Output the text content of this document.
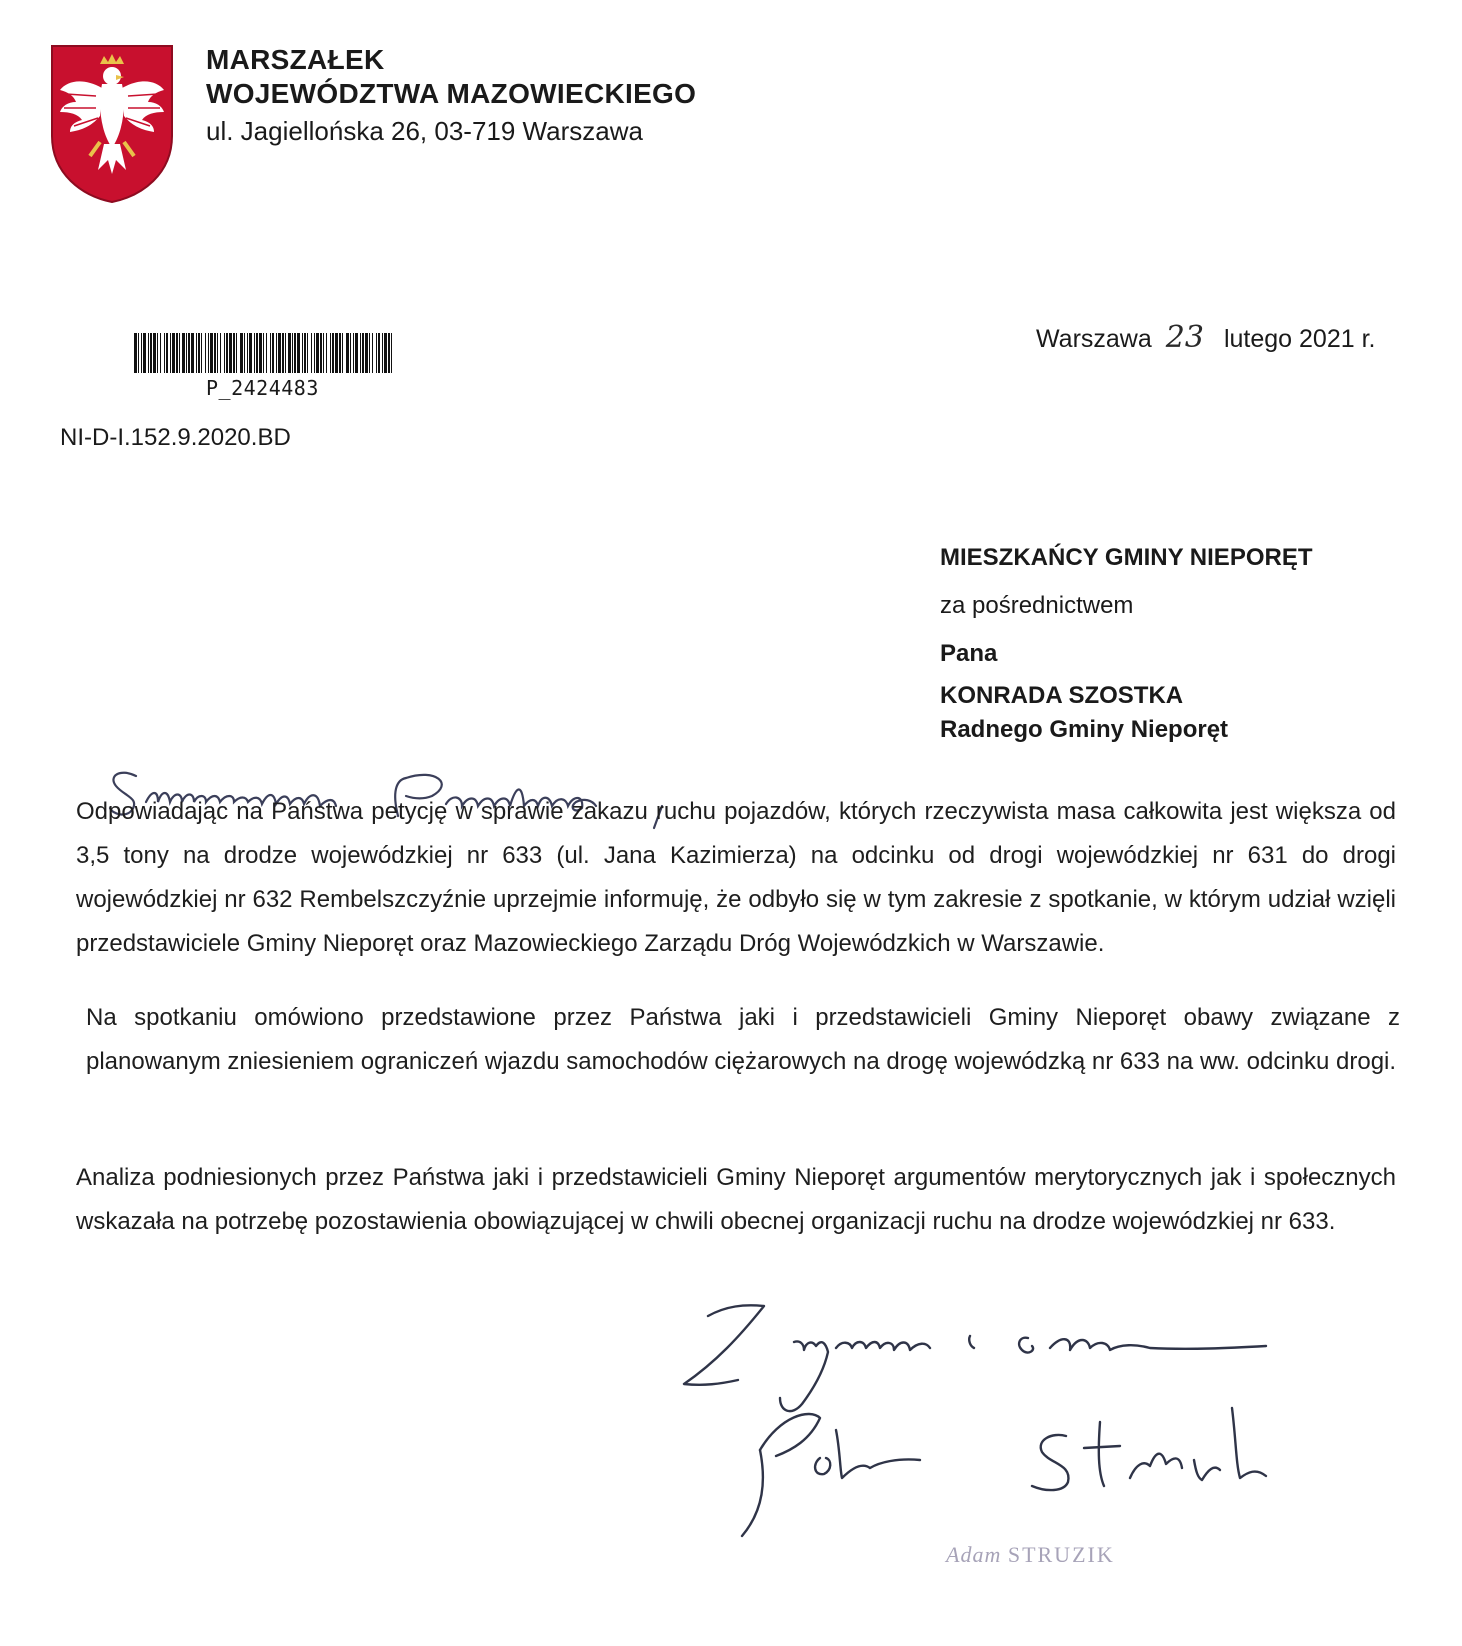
MARSZAŁEK
WOJEWÓDZTWA MAZOWIECKIEGO
ul. Jagiellońska 26, 03-719 Warszawa
P_2424483
NI-D-I.152.9.2020.BD
Warszawa 23 lutego 2021 r.
MIESZKAŃCY GMINY NIEPORĘT
za pośrednictwem
Pana
KONRADA SZOSTKA
Radnego Gminy Nieporęt
Odpowiadając na Państwa petycję w sprawie zakazu ruchu pojazdów, których rzeczywista masa całkowita jest większa od 3,5 tony na drodze wojewódzkiej nr 633 (ul. Jana Kazimierza) na odcinku od drogi wojewódzkiej nr 631 do drogi wojewódzkiej nr 632 Rembelszczyźnie uprzejmie informuję, że odbyło się w tym zakresie z spotkanie, w którym udział wzięli przedstawiciele Gminy Nieporęt oraz Mazowieckiego Zarządu Dróg Wojewódzkich w Warszawie.
Na spotkaniu omówiono przedstawione przez Państwa jaki i przedstawicieli Gminy Nieporęt obawy związane z planowanym zniesieniem ograniczeń wjazdu samochodów ciężarowych na drogę wojewódzką nr 633 na ww. odcinku drogi.
Analiza podniesionych przez Państwa jaki i przedstawicieli Gminy Nieporęt argumentów merytorycznych jak i społecznych wskazała na potrzebę pozostawienia obowiązującej w chwili obecnej organizacji ruchu na drodze wojewódzkiej nr 633.
Adam STRUZIK
